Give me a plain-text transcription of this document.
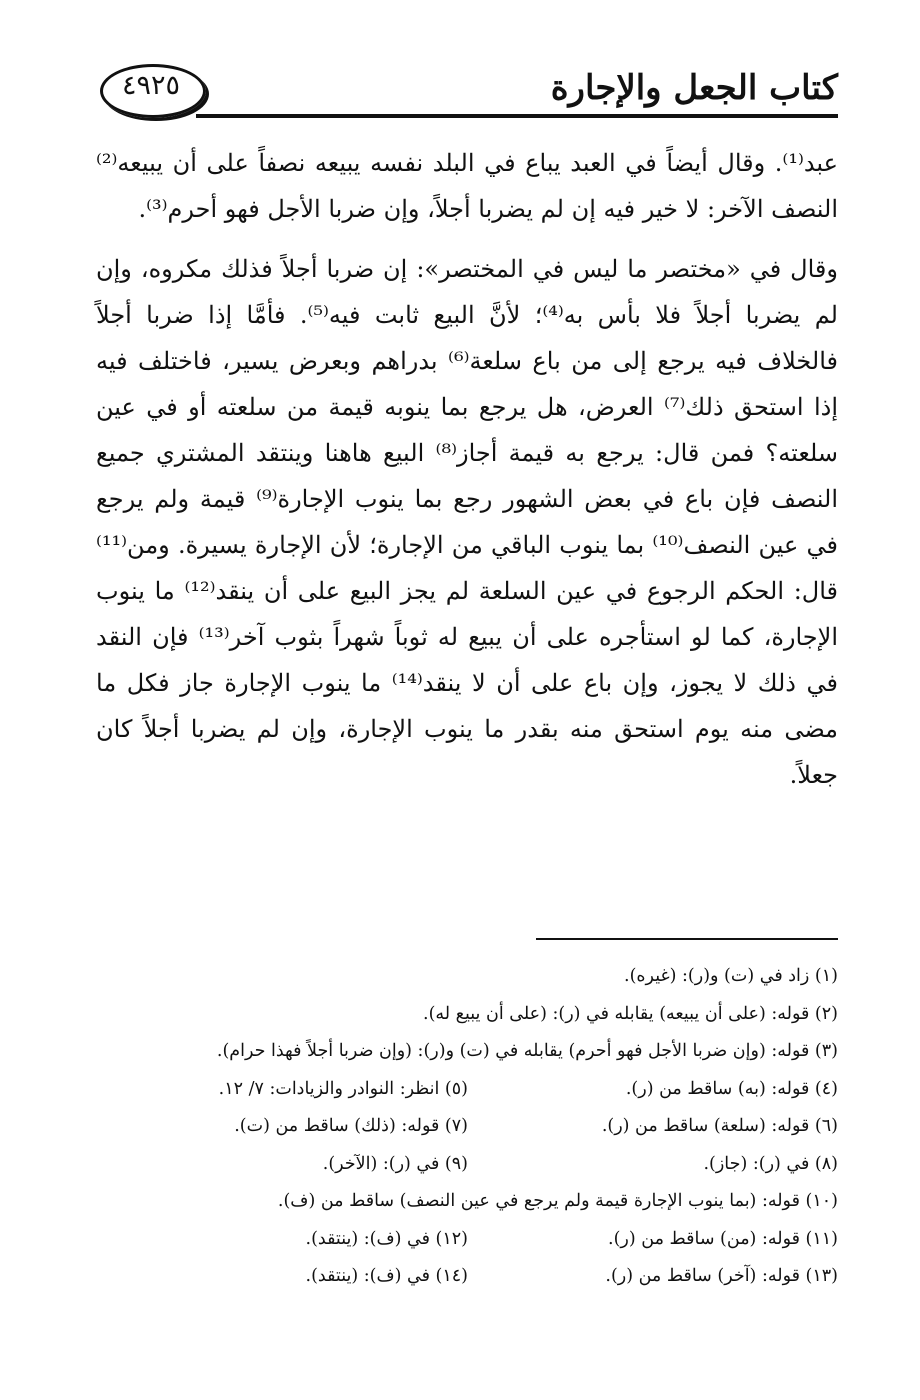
٤٩٢٥	كتاب الجعل والإجارة

عبد⁽¹⁾. وقال أيضاً في العبد يباع في البلد نفسه يبيعه نصفاً على أن يبيعه⁽²⁾ النصف الآخر: لا خير فيه إن لم يضربا أجلاً، وإن ضربا الأجل فهو أحرم⁽³⁾.

وقال في «مختصر ما ليس في المختصر»: إن ضربا أجلاً فذلك مكروه، وإن لم يضربا أجلاً فلا بأس به⁽⁴⁾؛ لأنَّ البيع ثابت فيه⁽⁵⁾. فأمَّا إذا ضربا أجلاً فالخلاف فيه يرجع إلى من باع سلعة⁽⁶⁾ بدراهم وبعرض يسير، فاختلف فيه إذا استحق ذلك⁽⁷⁾ العرض، هل يرجع بما ينوبه قيمة من سلعته أو في عين سلعته؟ فمن قال: يرجع به قيمة أجاز⁽⁸⁾ البيع هاهنا وينتقد المشتري جميع النصف فإن باع في بعض الشهور رجع بما ينوب الإجارة⁽⁹⁾ قيمة ولم يرجع في عين النصف⁽¹⁰⁾ بما ينوب الباقي من الإجارة؛ لأن الإجارة يسيرة. ومن⁽¹¹⁾ قال: الحكم الرجوع في عين السلعة لم يجز البيع على أن ينقد⁽¹²⁾ ما ينوب الإجارة، كما لو استأجره على أن يبيع له ثوباً شهراً بثوب آخر⁽¹³⁾ فإن النقد في ذلك لا يجوز، وإن باع على أن لا ينقد⁽¹⁴⁾ ما ينوب الإجارة جاز فكل ما مضى منه يوم استحق منه بقدر ما ينوب الإجارة، وإن لم يضربا أجلاً كان جعلاً.

(١) زاد في (ت) و(ر): (غيره).
(٢) قوله: (على أن يبيعه) يقابله في (ر): (على أن يبيع له).
(٣) قوله: (وإن ضربا الأجل فهو أحرم) يقابله في (ت) و(ر): (وإن ضربا أجلاً فهذا حرام).
(٤) قوله: (به) ساقط من (ر).
(٥) انظر: النوادر والزيادات: ٧/ ١٢.
(٦) قوله: (سلعة) ساقط من (ر).
(٧) قوله: (ذلك) ساقط من (ت).
(٨) في (ر): (جاز).
(٩) في (ر): (الآخر).
(١٠) قوله: (بما ينوب الإجارة قيمة ولم يرجع في عين النصف) ساقط من (ف).
(١١) قوله: (من) ساقط من (ر).
(١٢) في (ف): (ينتقد).
(١٣) قوله: (آخر) ساقط من (ر).
(١٤) في (ف): (ينتقد).
